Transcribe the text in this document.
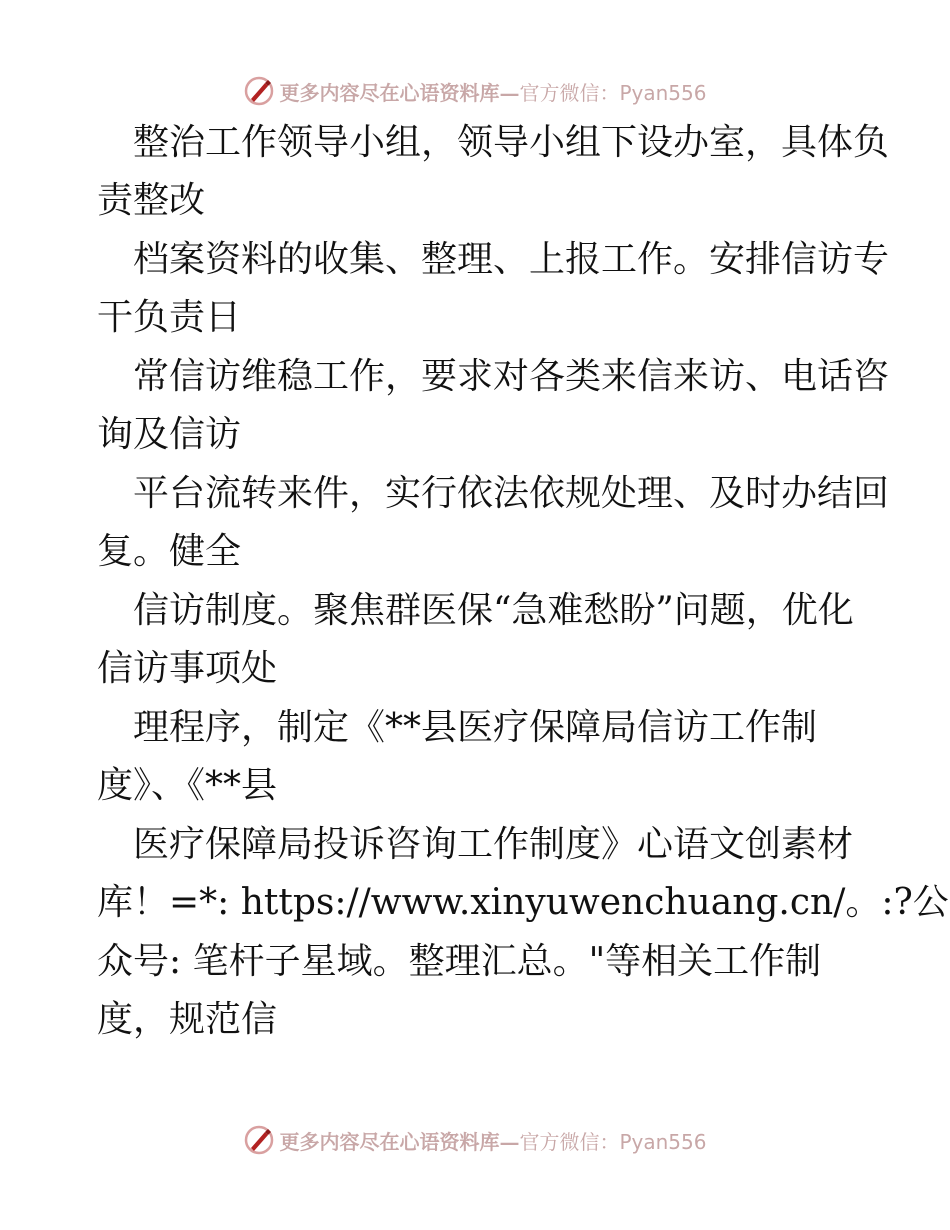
更多内容尽在心语资料库—官方微信：Pyan556
　整治工作领导小组，领导小组下设办室，具体负
责整改
　档案资料的收集、整理、上报工作。安排信访专
干负责日
　常信访维稳工作，要求对各类来信来访、电话咨
询及信访
　平台流转来件，实行依法依规处理、及时办结回
复。健全
　信访制度。聚焦群医保“急难愁盼”问题，优化
信访事项处
　理程序，制定《**县医疗保障局信访工作制
度》、《**县
　医疗保障局投诉咨询工作制度》心语文创素材
库！=*: https://www.xinyuwenchuang.cn/。:?公
众号: 笔杆子星域。整理汇总。"等相关工作制
度，规范信
更多内容尽在心语资料库—官方微信：Pyan556
